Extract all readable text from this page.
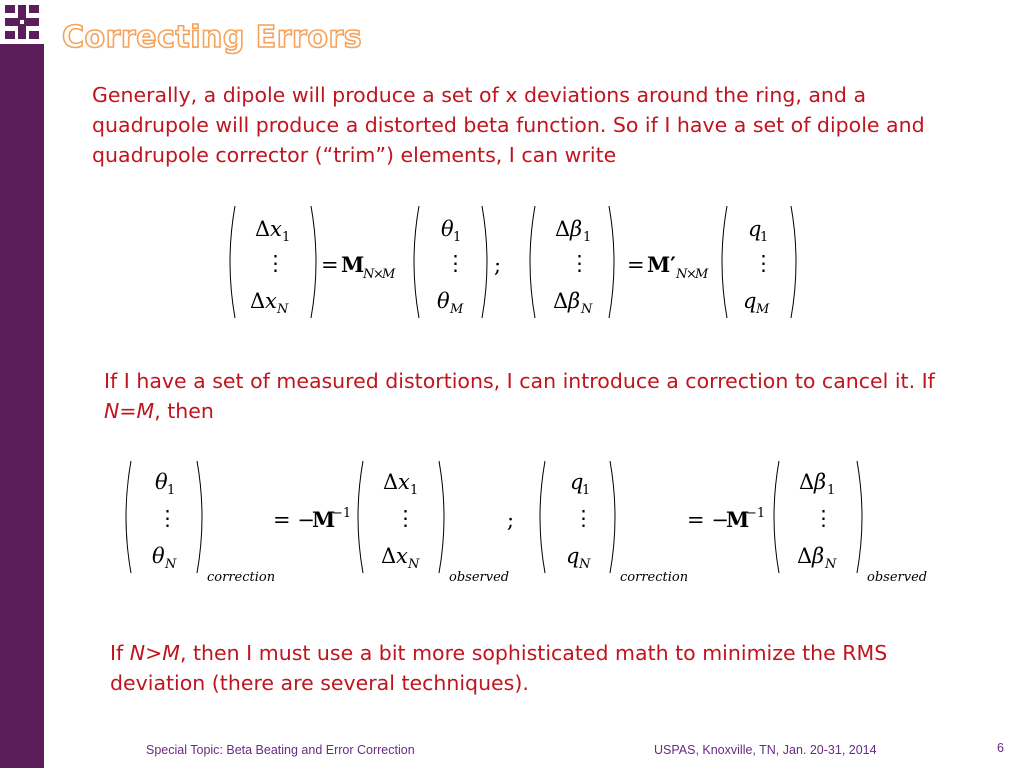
Correcting Errors
Generally, a dipole will produce a set of x deviations around the ring, and a quadrupole will produce a distorted beta function. So if I have a set of dipole and quadrupole corrector (“trim”) elements, I can write
Δ x 1
⋮
Δ x N
= M
N
×
M
θ 1
⋮
θ M
;
Δ β 1
⋮
Δ β N
= M′ N
×
M
q
1
⋮
q M
If I have a set of measured distortions, I can introduce a correction to cancel it. If N=M, then
θ 1
⋮
θ N
correction
= −
M
−1
Δ x 1
⋮
Δ x N
observed
;
q
1
⋮
q N
correction
= −
M
−1
Δ β 1
⋮
Δ β N
observed
If N>M, then I must use a bit more sophisticated math to minimize the RMS deviation (there are several techniques).
Special Topic: Beta Beating and Error Correction	USPAS, Knoxville, TN, Jan. 20-31, 2014	6
